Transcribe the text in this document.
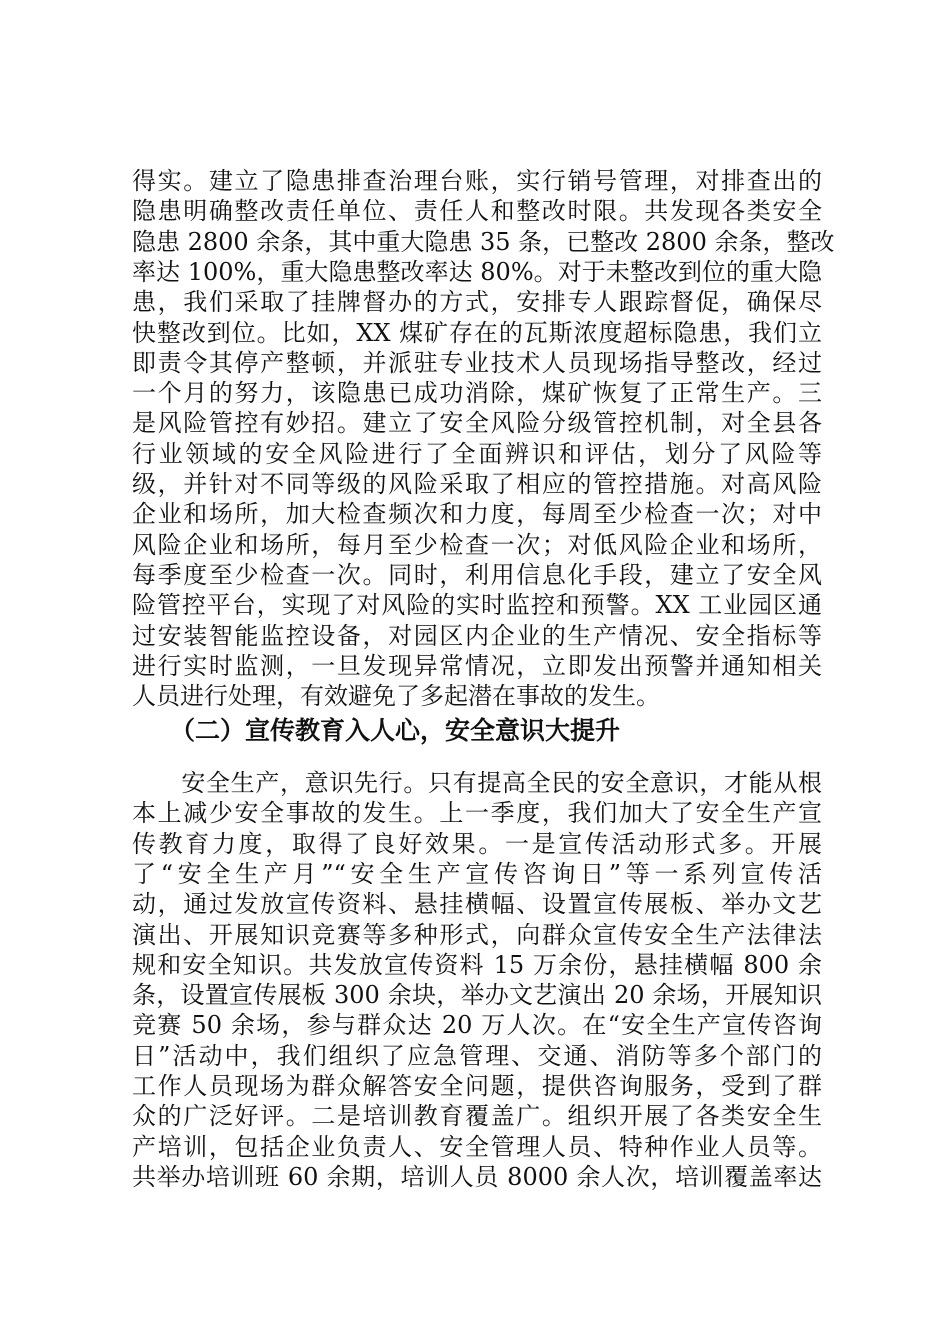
得实。建立了隐患排查治理台账，实行销号管理，对排查出的
隐患明确整改责任单位、责任人和整改时限。共发现各类安全
隐患 2800 余条，其中重大隐患 35 条，已整改 2800 余条，整改
率达 100%，重大隐患整改率达 80%。对于未整改到位的重大隐
患，我们采取了挂牌督办的方式，安排专人跟踪督促，确保尽
快整改到位。比如，XX 煤矿存在的瓦斯浓度超标隐患，我们立
即责令其停产整顿，并派驻专业技术人员现场指导整改，经过
一个月的努力，该隐患已成功消除，煤矿恢复了正常生产。三
是风险管控有妙招。建立了安全风险分级管控机制，对全县各
行业领域的安全风险进行了全面辨识和评估，划分了风险等
级，并针对不同等级的风险采取了相应的管控措施。对高风险
企业和场所，加大检查频次和力度，每周至少检查一次；对中
风险企业和场所，每月至少检查一次；对低风险企业和场所，
每季度至少检查一次。同时，利用信息化手段，建立了安全风
险管控平台，实现了对风险的实时监控和预警。XX 工业园区通
过安装智能监控设备，对园区内企业的生产情况、安全指标等
进行实时监测，一旦发现异常情况，立即发出预警并通知相关
人员进行处理，有效避免了多起潜在事故的发生。
（二）宣传教育入人心，安全意识大提升
　　安全生产，意识先行。只有提高全民的安全意识，才能从根
本上减少安全事故的发生。上一季度，我们加大了安全生产宣
传教育力度，取得了良好效果。一是宣传活动形式多。开展
了“安全生产月”“安全生产宣传咨询日”等一系列宣传活
动，通过发放宣传资料、悬挂横幅、设置宣传展板、举办文艺
演出、开展知识竞赛等多种形式，向群众宣传安全生产法律法
规和安全知识。共发放宣传资料 15 万余份，悬挂横幅 800 余
条，设置宣传展板 300 余块，举办文艺演出 20 余场，开展知识
竞赛 50 余场，参与群众达 20 万人次。在“安全生产宣传咨询
日”活动中，我们组织了应急管理、交通、消防等多个部门的
工作人员现场为群众解答安全问题，提供咨询服务，受到了群
众的广泛好评。二是培训教育覆盖广。组织开展了各类安全生
产培训，包括企业负责人、安全管理人员、特种作业人员等。
共举办培训班 60 余期，培训人员 8000 余人次，培训覆盖率达
